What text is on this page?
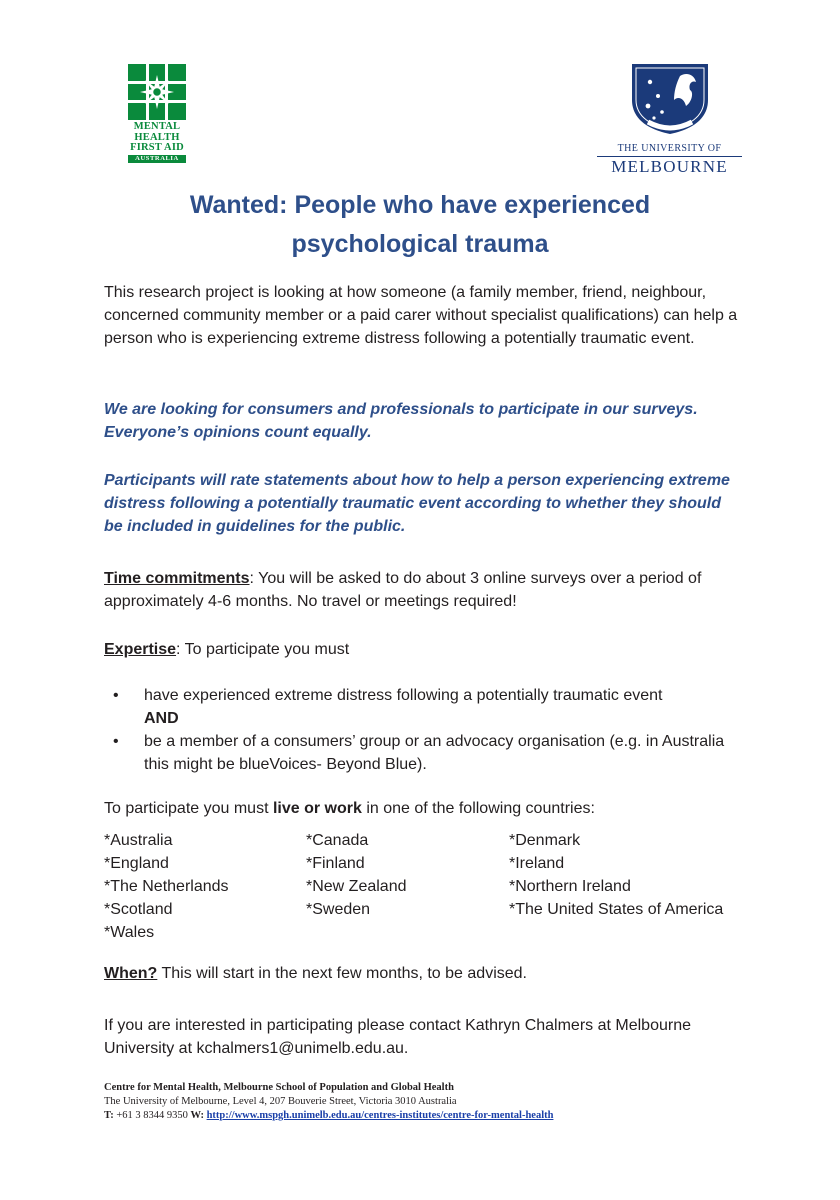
MENTAL
HEALTH
FIRST AID
AUSTRALIA
THE UNIVERSITY OF
MELBOURNE
Wanted: People who have experienced
psychological trauma
This research project is looking at how someone (a family member, friend, neighbour, concerned community member or a paid carer without specialist qualifications) can help a person who is experiencing extreme distress following a potentially traumatic event.
We are looking for consumers and professionals to participate in our surveys. Everyone’s opinions count equally.
Participants will rate statements about how to help a person experiencing extreme distress following a potentially traumatic event according to whether they should be included in guidelines for the public.
Time commitments: You will be asked to do about 3 online surveys over a period of approximately 4-6 months. No travel or meetings required!
Expertise: To participate you must
• have experienced extreme distress following a potentially traumatic event
AND
• be a member of a consumers’ group or an advocacy organisation (e.g. in Australia this might be blueVoices- Beyond Blue).
To participate you must live or work in one of the following countries:
*Australia
*England
*The Netherlands
*Scotland
*Wales
*Canada
*Finland
*New Zealand
*Sweden
*Denmark
*Ireland
*Northern Ireland
*The United States of America
When? This will start in the next few months, to be advised.
If you are interested in participating please contact Kathryn Chalmers at Melbourne University at kchalmers1@unimelb.edu.au.
Centre for Mental Health, Melbourne School of Population and Global Health
The University of Melbourne, Level 4, 207 Bouverie Street, Victoria 3010 Australia
T: +61 3 8344 9350 W: http://www.mspgh.unimelb.edu.au/centres-institutes/centre-for-mental-health
